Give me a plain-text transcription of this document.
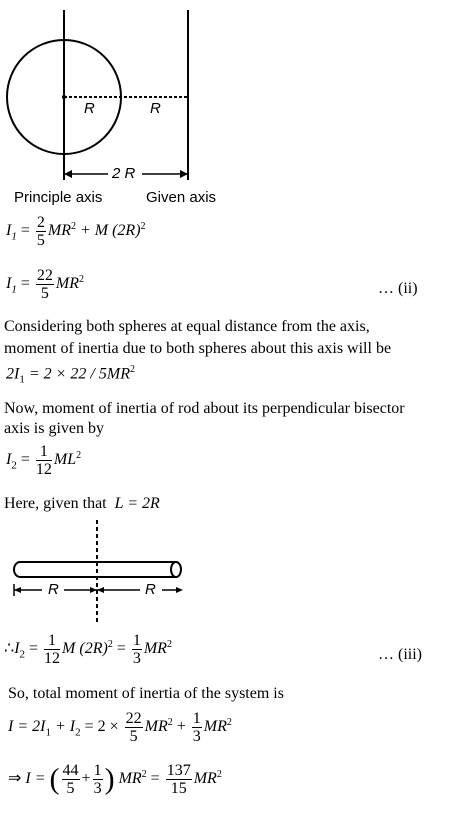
R	R
2 R
Principle axis	Given axis
$I_1 = \frac{2}{5} MR^2 + M$ $(2R)^2$
$I_1 = \frac{22}{5} MR^2$
… (ii)
Considering both spheres at equal distance from the axis,
moment of inertia due to both spheres about this axis will be
$2I_1 = 2 \times 22 / 5MR^2$
Now, moment of inertia of rod about its perpendicular bisector
axis is given by
$I_2 = \frac{1}{12} ML^2$
Here, given that L = 2R
R	R
$\therefore I_2 = \frac{1}{12}$ M $(2R)^2 = \frac{1}{3} MR^2$
… (iii)
So, total moment of inertia of the system is
$I = 2I_1 + I_2 = 2 \times \frac{22}{5} MR^2 + \frac{1}{3} MR^2$
⇒ I = ( $\frac{44}{5} + \frac{1}{3}$ ) $MR^2 = \frac{137}{15} MR^2$
